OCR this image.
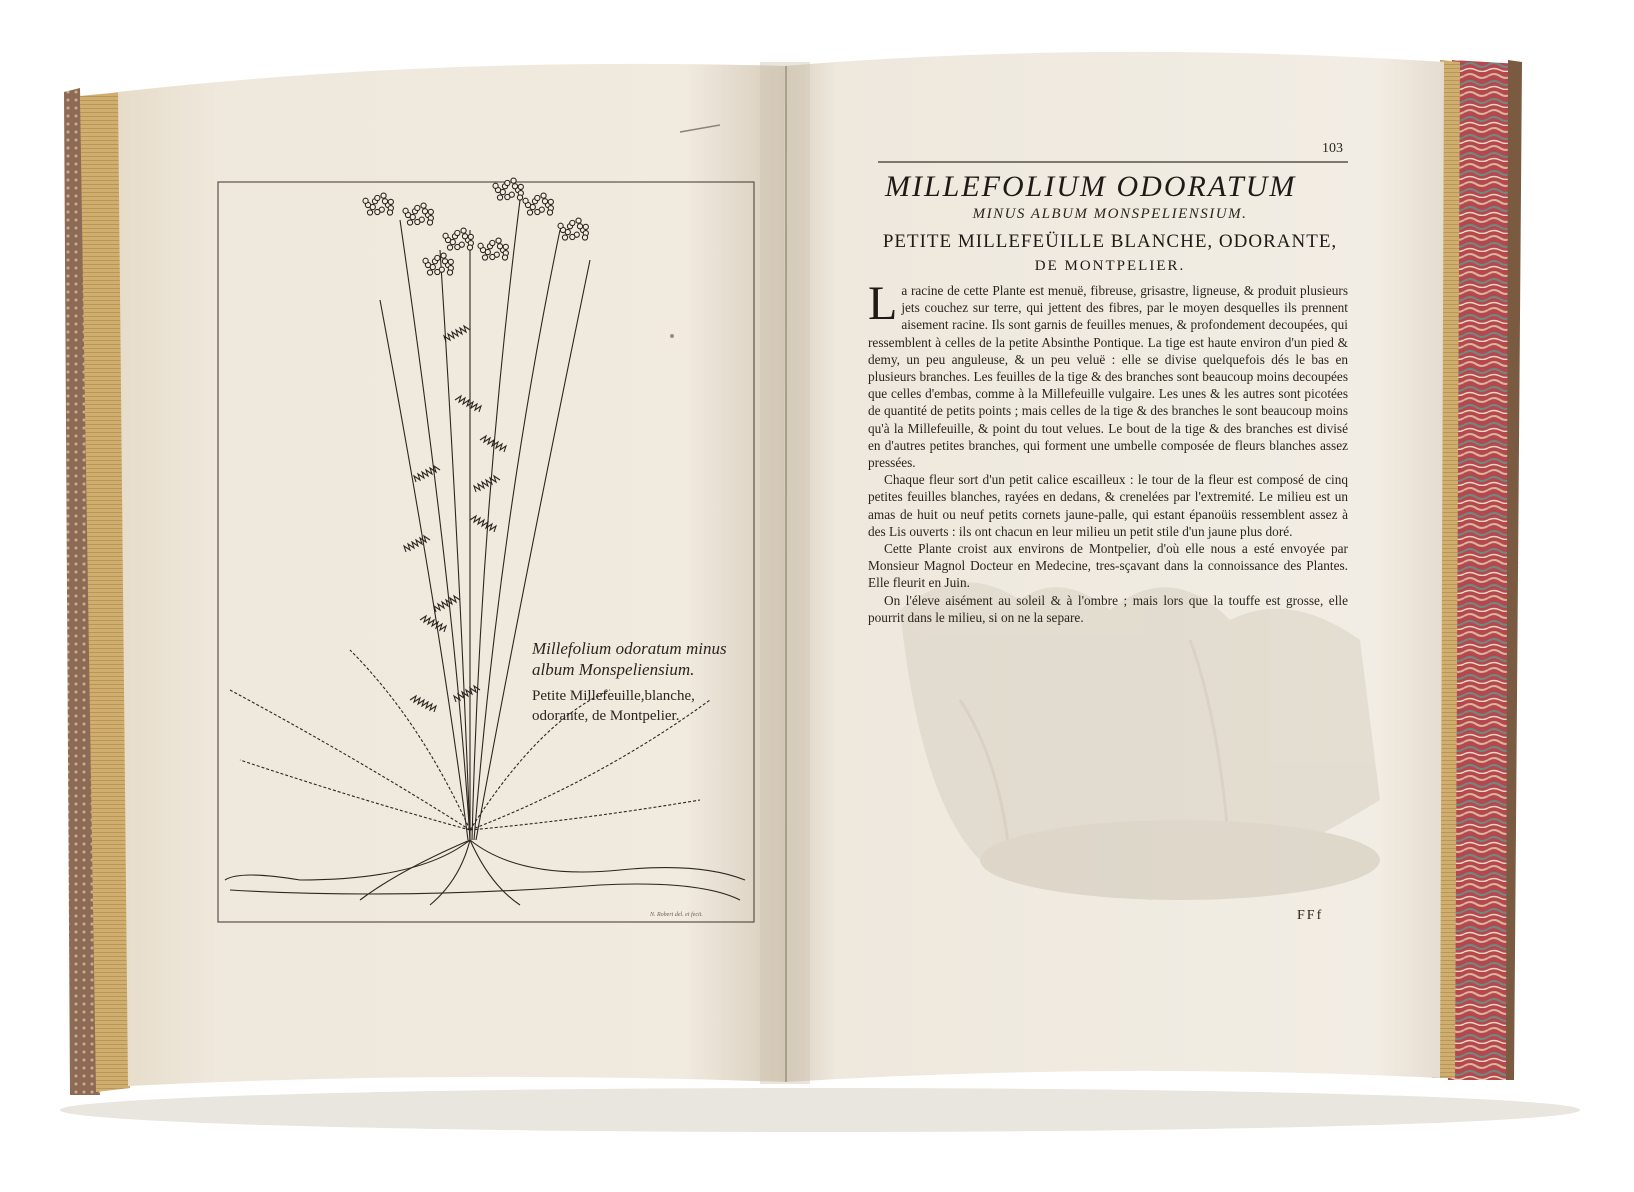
Millefolium odoratum minus album Monspeliensium.
Petite Millefeuille,blanche, odorante, de Montpelier.
N. Robert del. et fecit.
103
MILLEFOLIUM ODORATUM
MINUS ALBUM MONSPELIENSIUM.
PETITE MILLEFEÜILLE BLANCHE, ODORANTE,
DE MONTPELIER.

La racine de cette Plante est menuë, fibreuse, grisastre, ligneuse, & produit plusieurs jets couchez sur terre, qui jettent des fibres, par le moyen desquelles ils prennent aisement racine. Ils sont garnis de feuilles menues, & profondement decoupées, qui ressemblent à celles de la petite Absinthe Pontique. La tige est haute environ d'un pied & demy, un peu anguleuse, & un peu veluë : elle se divise quelquefois dés le bas en plusieurs branches. Les feuilles de la tige & des branches sont beaucoup moins decoupées que celles d'embas, comme à la Millefeuille vulgaire. Les unes & les autres sont picotées de quantité de petits points ; mais celles de la tige & des branches le sont beaucoup moins qu'à la Millefeuille, & point du tout velues. Le bout de la tige & des branches est divisé en d'autres petites branches, qui forment une umbelle composée de fleurs blanches assez pressées.

Chaque fleur sort d'un petit calice escailleux : le tour de la fleur est composé de cinq petites feuilles blanches, rayées en dedans, & crenelées par l'extremité. Le milieu est un amas de huit ou neuf petits cornets jaune-palle, qui estant épanoüis ressemblent assez à des Lis ouverts : ils ont chacun en leur milieu un petit stile d'un jaune plus doré.

Cette Plante croist aux environs de Montpelier, d'où elle nous a esté envoyée par Monsieur Magnol Docteur en Medecine, tres-sçavant dans la connoissance des Plantes. Elle fleurit en Juin.

On l'éleve aisément au soleil & à l'ombre ; mais lors que la touffe est grosse, elle pourrit dans le milieu, si on ne la separe.

FFf
